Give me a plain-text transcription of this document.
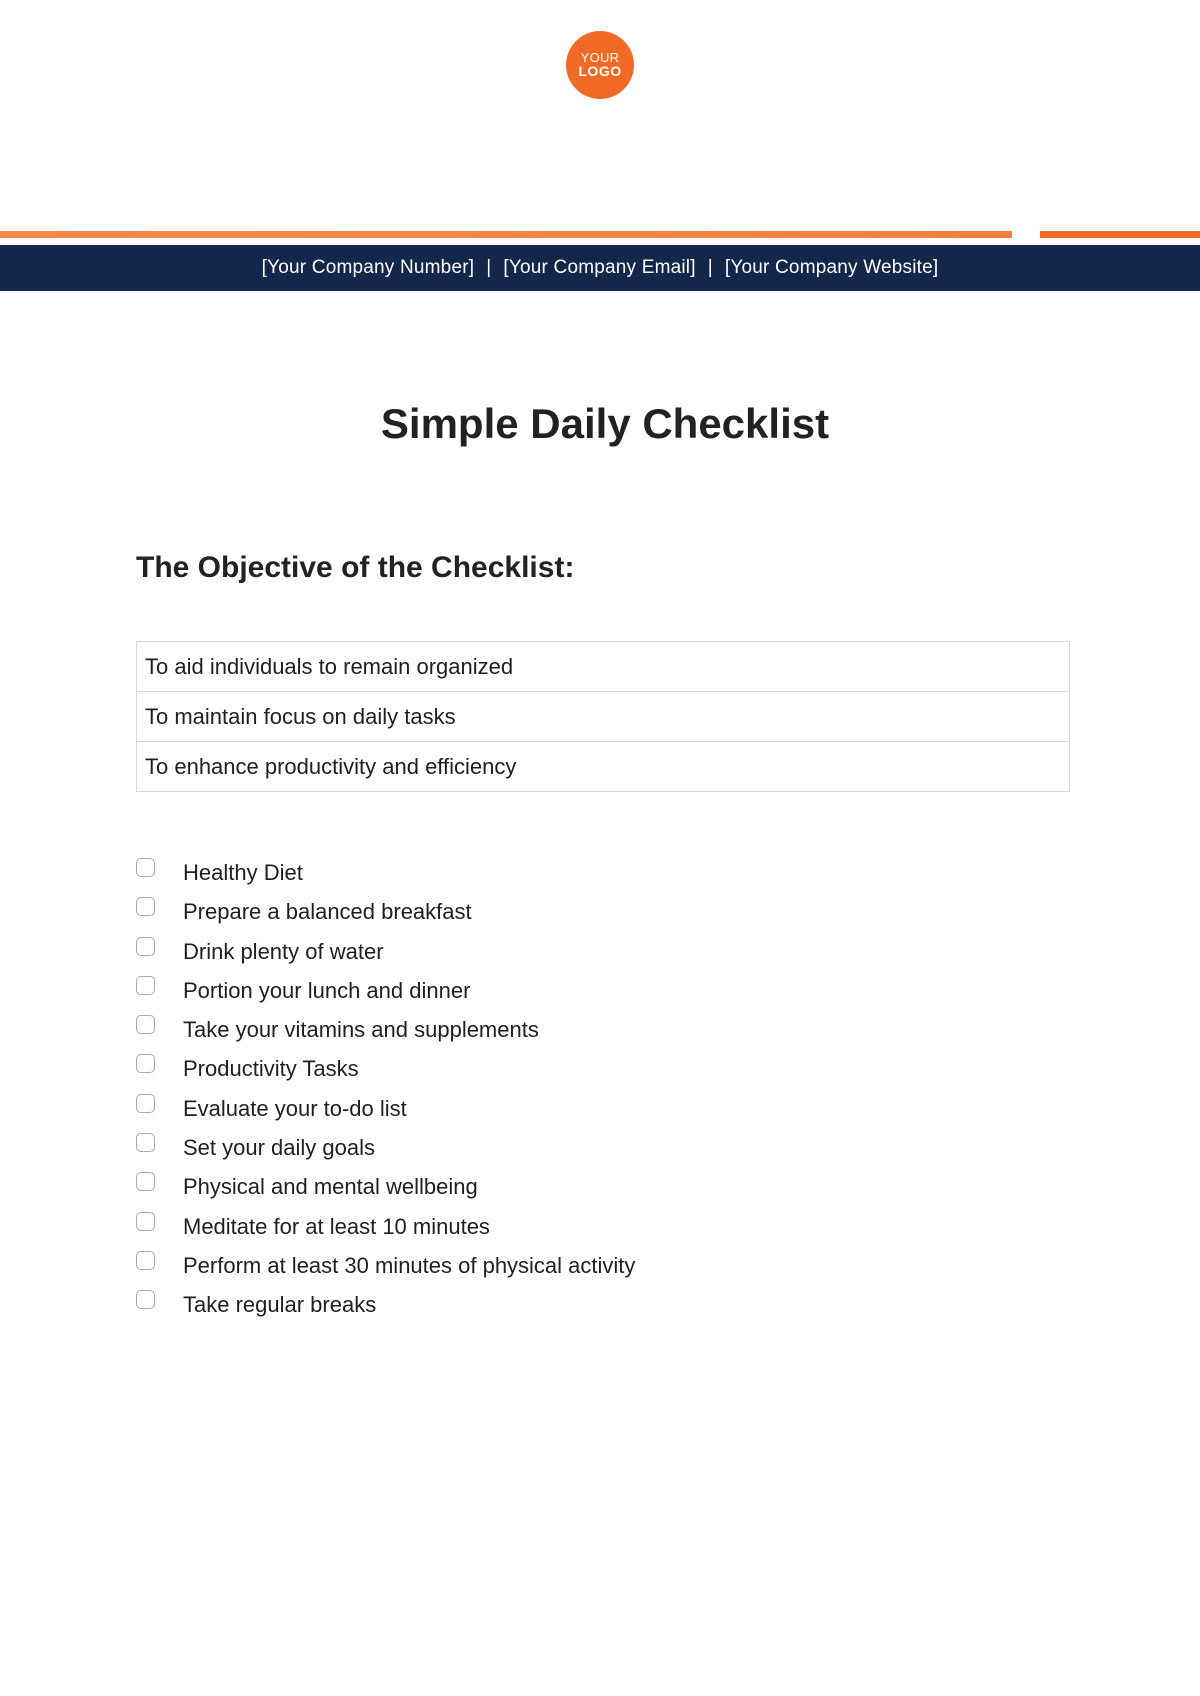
YOUR
LOGO
[Your Company Number] | [Your Company Email] | [Your Company Website]
Simple Daily Checklist
The Objective of the Checklist:
To aid individuals to remain organized
To maintain focus on daily tasks
To enhance productivity and efficiency
Healthy Diet
Prepare a balanced breakfast
Drink plenty of water
Portion your lunch and dinner
Take your vitamins and supplements
Productivity Tasks
Evaluate your to-do list
Set your daily goals
Physical and mental wellbeing
Meditate for at least 10 minutes
Perform at least 30 minutes of physical activity
Take regular breaks
